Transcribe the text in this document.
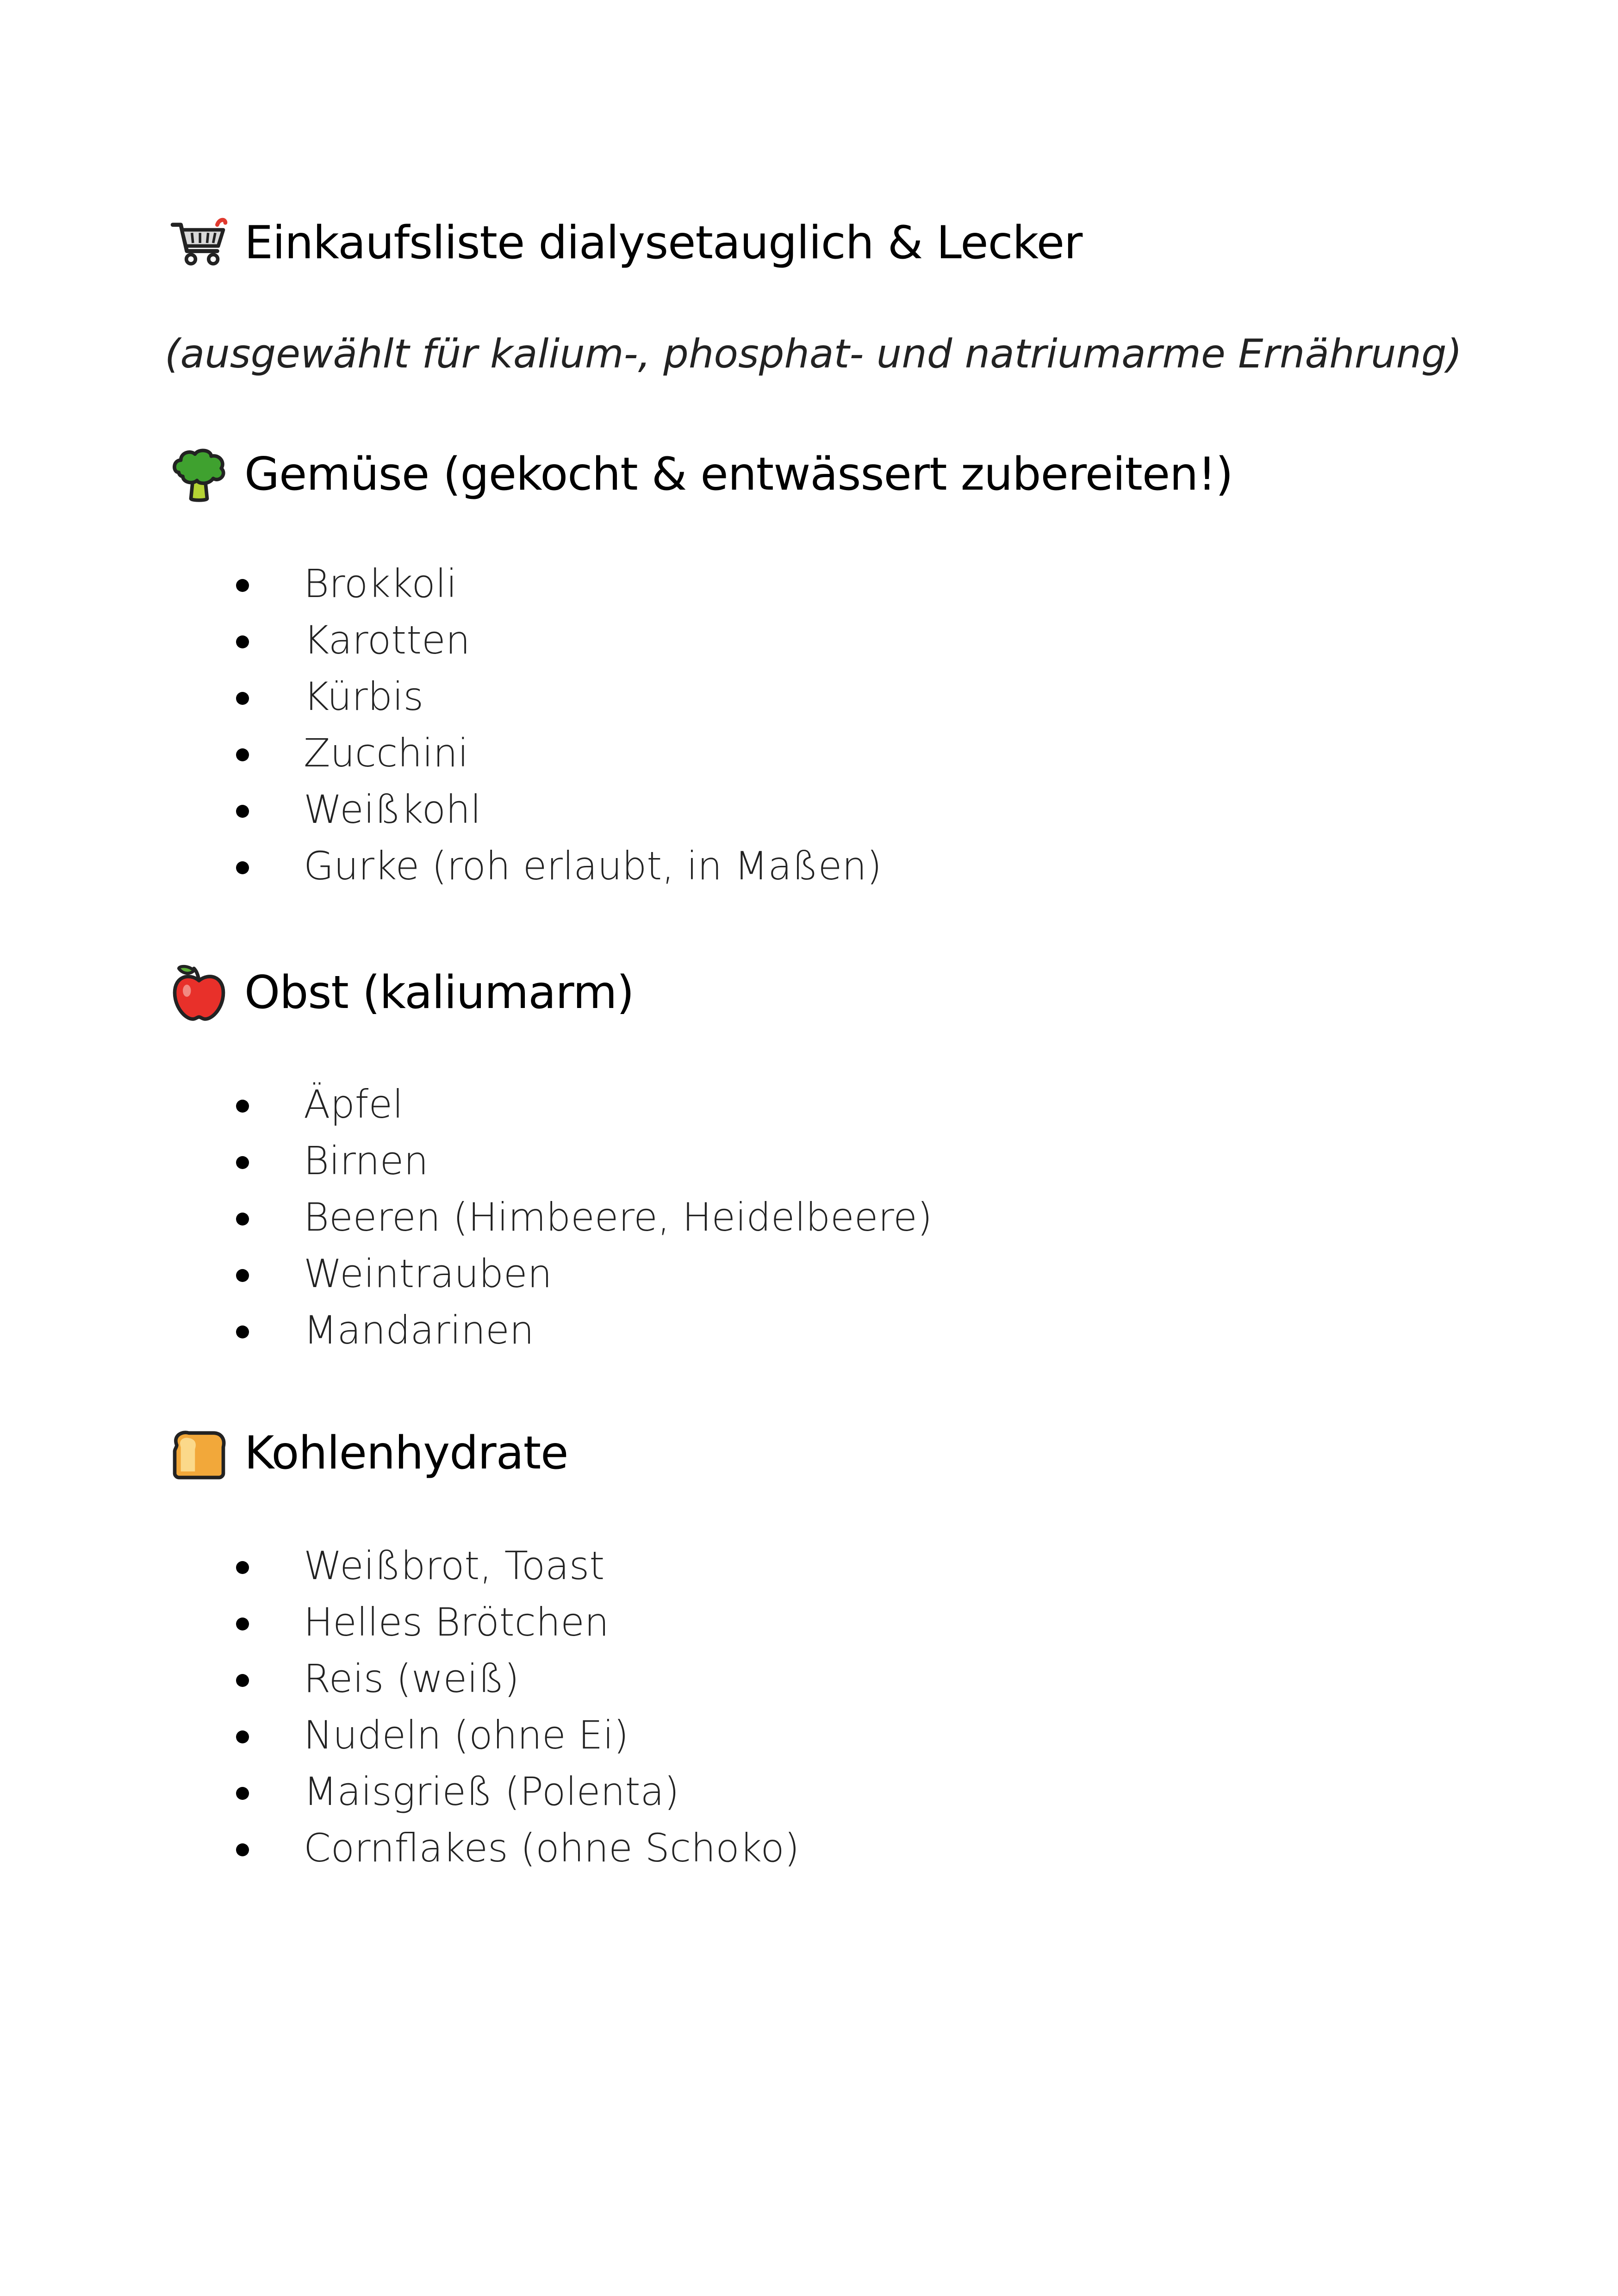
Einkaufsliste dialysetauglich & Lecker
(ausgewählt für kalium-, phosphat- und natriumarme Ernährung)
Gemüse (gekocht & entwässert zubereiten!)
Brokkoli
Karotten
Kürbis
Zucchini
Weißkohl
Gurke (roh erlaubt, in Maßen)
Obst (kaliumarm)
Äpfel
Birnen
Beeren (Himbeere, Heidelbeere)
Weintrauben
Mandarinen
Kohlenhydrate
Weißbrot, Toast
Helles Brötchen
Reis (weiß)
Nudeln (ohne Ei)
Maisgrieß (Polenta)
Cornflakes (ohne Schoko)
